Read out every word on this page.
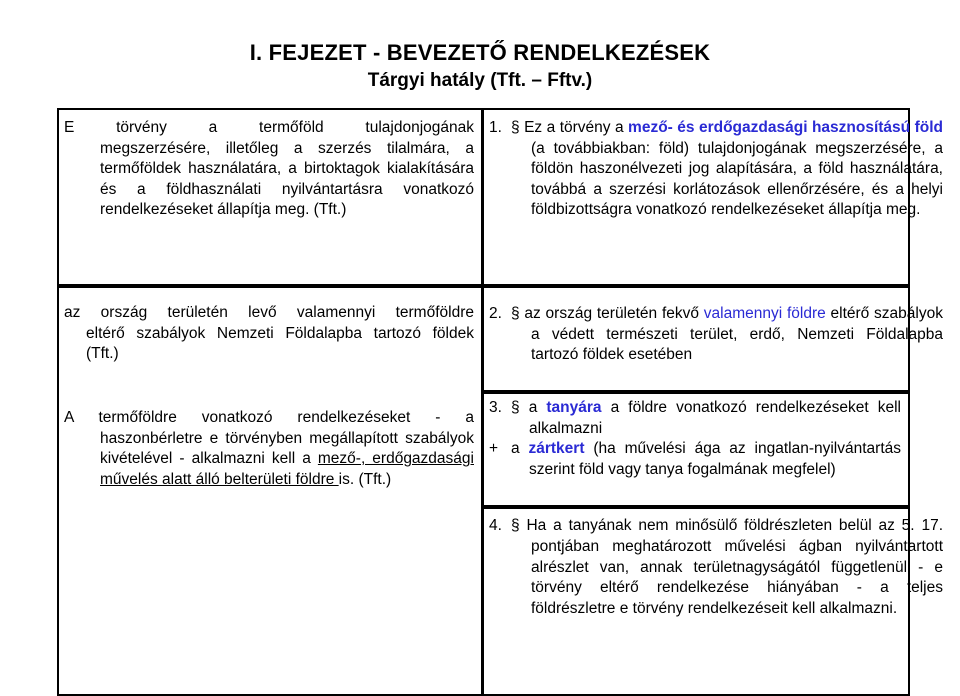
I. FEJEZET - BEVEZETŐ RENDELKEZÉSEK
Tárgyi hatály (Tft. – Fftv.)
E törvény a termőföld tulajdonjogának
megszerzésére, illetőleg a szerzés tilalmára, a termőföldek használatára, a birtoktagok kialakítására és a földhasználati nyilvántartásra vonatkozó rendelkezéseket állapítja meg. (Tft.)
az ország területén levő valamennyi termőföldre
eltérő szabályok Nemzeti Földalapba tartozó földek (Tft.)
A termőföldre vonatkozó rendelkezéseket - a
haszonbérletre e törvényben megállapított szabályok kivételével - alkalmazni kell a mező-, erdőgazdasági művelés alatt álló belterületi földre is. (Tft.)
1. § Ez a törvény a mező- és erdőgazdasági hasznosítású föld (a továbbiakban: föld) tulajdonjogának megszerzésére, a földön haszonélvezeti jog alapítására, a föld használatára, továbbá a szerzési korlátozások ellenőrzésére, és a helyi földbizottságra vonatkozó rendelkezéseket állapítja meg.
2. § az ország területén fekvő valamennyi földre eltérő szabályok a védett természeti terület, erdő, Nemzeti Földalapba tartozó földek esetében
3. § a tanyára a földre vonatkozó rendelkezéseket kell alkalmazni
+ a zártkert (ha művelési ága az ingatlan-nyilvántartás szerint föld vagy tanya fogalmának megfelel)
4. § Ha a tanyának nem minősülő földrészleten belül az 5. 17. pontjában meghatározott művelési ágban nyilvántartott alrészlet van, annak területnagyságától függetlenül - e törvény eltérő rendelkezése hiányában - a teljes földrészletre e törvény rendelkezéseit kell alkalmazni.
